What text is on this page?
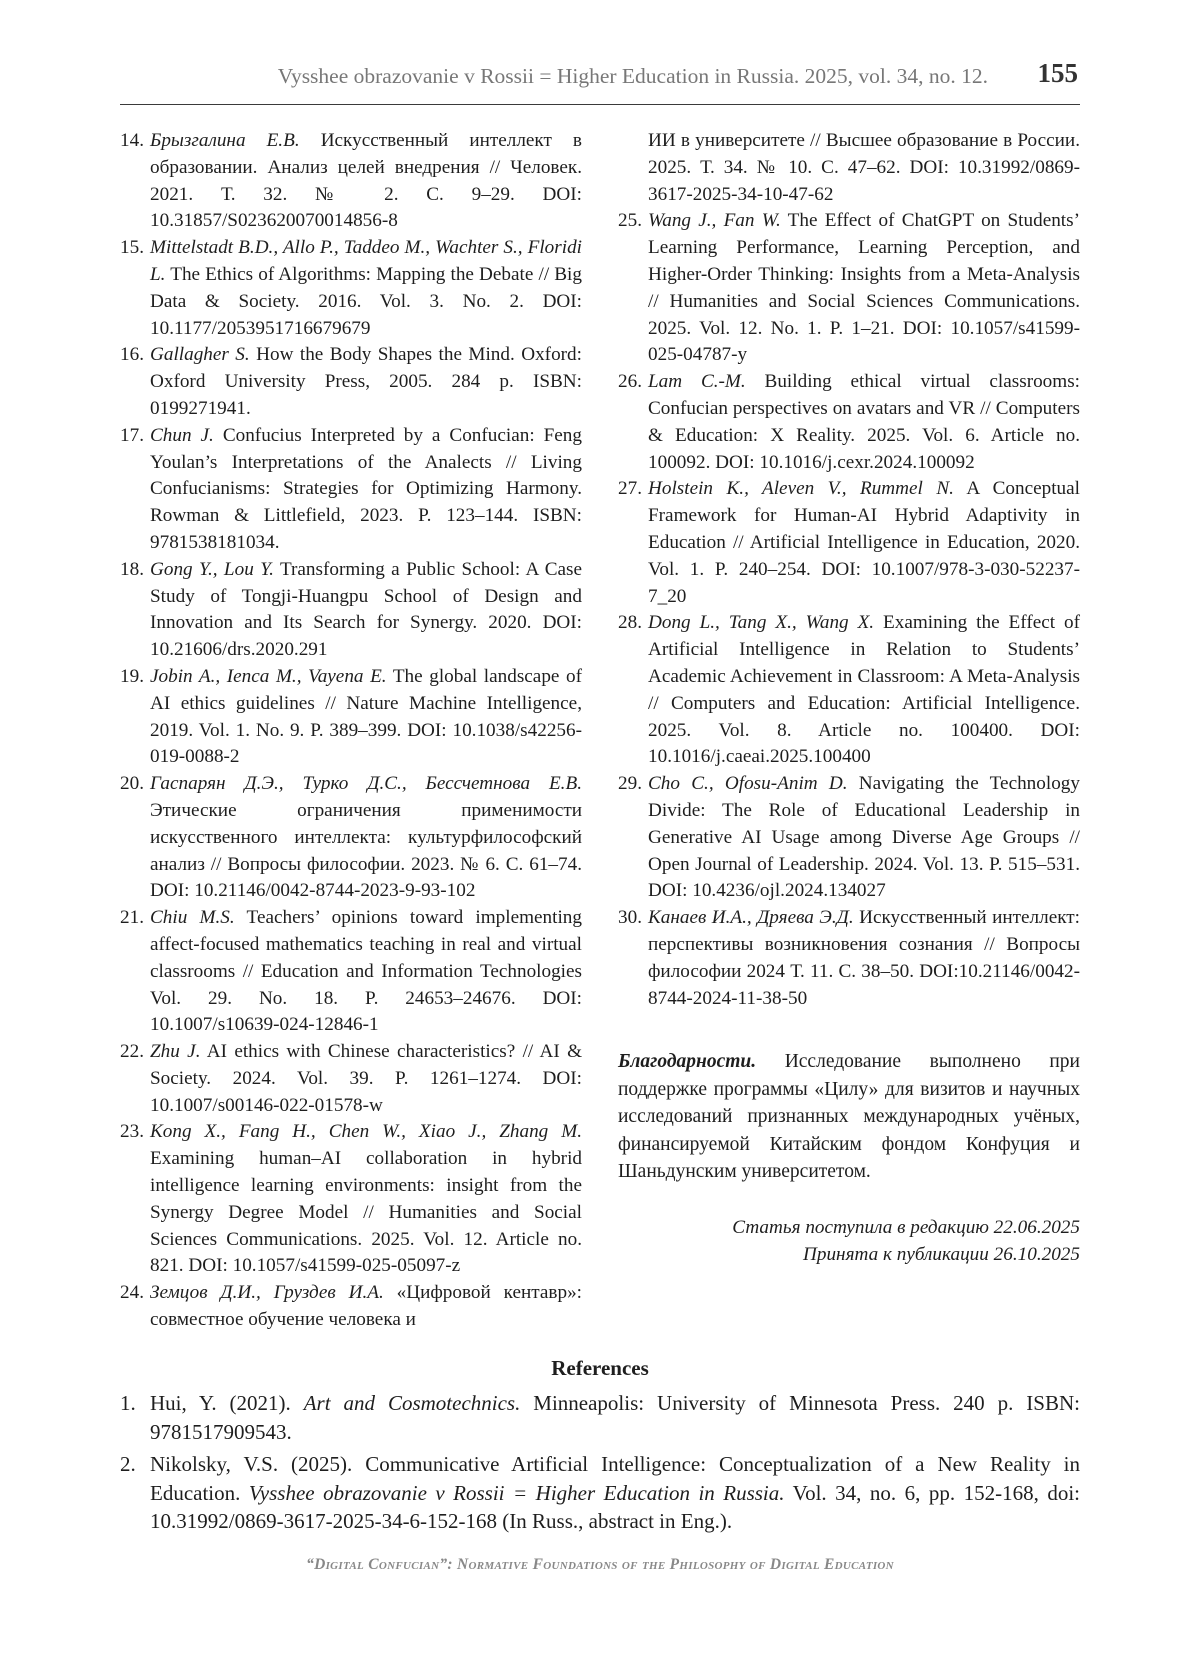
Vysshee obrazovanie v Rossii = Higher Education in Russia. 2025, vol. 34, no. 12. 155
14. Брызгалина Е.В. Искусственный интеллект в образовании. Анализ целей внедрения // Человек. 2021. Т. 32. № 2. С. 9–29. DOI: 10.31857/S023620070014856-8
15. Mittelstadt B.D., Allo P., Taddeo M., Wachter S., Floridi L. The Ethics of Algorithms: Mapping the Debate // Big Data & Society. 2016. Vol. 3. No. 2. DOI: 10.1177/2053951716679679
16. Gallagher S. How the Body Shapes the Mind. Oxford: Oxford University Press, 2005. 284 p. ISBN: 0199271941.
17. Chun J. Confucius Interpreted by a Confucian: Feng Youlan’s Interpretations of the Analects // Living Confucianisms: Strategies for Optimizing Harmony. Rowman & Littlefield, 2023. P. 123–144. ISBN: 9781538181034.
18. Gong Y., Lou Y. Transforming a Public School: A Case Study of Tongji-Huangpu School of Design and Innovation and Its Search for Synergy. 2020. DOI: 10.21606/drs.2020.291
19. Jobin A., Ienca M., Vayena E. The global landscape of AI ethics guidelines // Nature Machine Intelligence, 2019. Vol. 1. No. 9. P. 389–399. DOI: 10.1038/s42256-019-0088-2
20. Гаспарян Д.Э., Турко Д.С., Бессчетнова Е.В. Этические ограничения применимости искусственного интеллекта: культурфилософский анализ // Вопросы философии. 2023. № 6. С. 61–74. DOI: 10.21146/0042-8744-2023-9-93-102
21. Chiu M.S. Teachers’ opinions toward implementing affect-focused mathematics teaching in real and virtual classrooms // Education and Information Technologies Vol. 29. No. 18. P. 24653–24676. DOI: 10.1007/s10639-024-12846-1
22. Zhu J. AI ethics with Chinese characteristics? // AI & Society. 2024. Vol. 39. P. 1261–1274. DOI: 10.1007/s00146-022-01578-w
23. Kong X., Fang H., Chen W., Xiao J., Zhang M. Examining human–AI collaboration in hybrid intelligence learning environments: insight from the Synergy Degree Model // Humanities and Social Sciences Communications. 2025. Vol. 12. Article no. 821. DOI: 10.1057/s41599-025-05097-z
24. Земцов Д.И., Груздев И.А. «Цифровой кентавр»: совместное обучение человека и
ИИ в университете // Высшее образование в России. 2025. Т. 34. № 10. С. 47–62. DOI: 10.31992/0869-3617-2025-34-10-47-62
25. Wang J., Fan W. The Effect of ChatGPT on Students’ Learning Performance, Learning Perception, and Higher-Order Thinking: Insights from a Meta-Analysis // Humanities and Social Sciences Communications. 2025. Vol. 12. No. 1. P. 1–21. DOI: 10.1057/s41599-025-04787-y
26. Lam C.-M. Building ethical virtual classrooms: Confucian perspectives on avatars and VR // Computers & Education: X Reality. 2025. Vol. 6. Article no. 100092. DOI: 10.1016/j.cexr.2024.100092
27. Holstein K., Aleven V., Rummel N. A Conceptual Framework for Human-AI Hybrid Adaptivity in Education // Artificial Intelligence in Education, 2020. Vol. 1. P. 240–254. DOI: 10.1007/978-3-030-52237-7_20
28. Dong L., Tang X., Wang X. Examining the Effect of Artificial Intelligence in Relation to Students’ Academic Achievement in Classroom: A Meta-Analysis // Computers and Education: Artificial Intelligence. 2025. Vol. 8. Article no. 100400. DOI: 10.1016/j.caeai.2025.100400
29. Cho C., Ofosu-Anim D. Navigating the Technology Divide: The Role of Educational Leadership in Generative AI Usage among Diverse Age Groups // Open Journal of Leadership. 2024. Vol. 13. P. 515–531. DOI: 10.4236/ojl.2024.134027
30. Канаев И.А., Дряева Э.Д. Искусственный интеллект: перспективы возникновения сознания // Вопросы философии 2024 Т. 11. С. 38–50. DOI:10.21146/0042-8744-2024-11-38-50
Благодарности. Исследование выполнено при поддержке программы «Цилу» для визитов и научных исследований признанных международных учёных, финансируемой Китайским фондом Конфуция и Шаньдунским университетом.
Статья поступила в редакцию 22.06.2025
Принята к публикации 26.10.2025
References
1. Hui, Y. (2021). Art and Cosmotechnics. Minneapolis: University of Minnesota Press. 240 p. ISBN: 9781517909543.
2. Nikolsky, V.S. (2025). Communicative Artificial Intelligence: Conceptualization of a New Reality in Education. Vysshee obrazovanie v Rossii = Higher Education in Russia. Vol. 34, no. 6, pp. 152-168, doi: 10.31992/0869-3617-2025-34-6-152-168 (In Russ., abstract in Eng.).
“Digital Confucian”: Normative Foundations of the Philosophy of Digital Education
